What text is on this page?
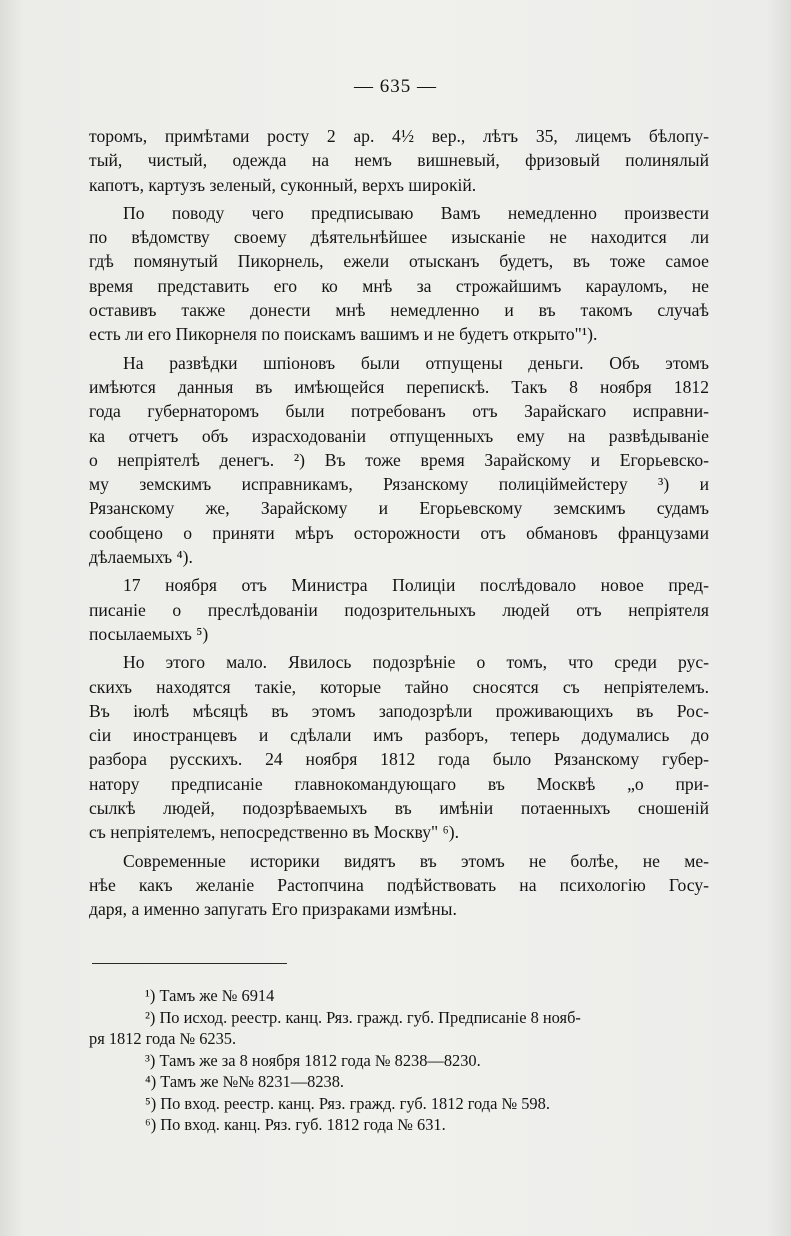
— 635 —

торомъ, примѣтами росту 2 ар. 4½ вер., лѣтъ 35, лицемъ бѣлопу-
тый, чистый, одежда на немъ вишневый, фризовый полинялый
капотъ, картузъ зеленый, суконный, верхъ широкій.

По поводу чего предписываю Вамъ немедленно произвести
по вѣдомству своему дѣятельнѣйшее изысканіе не находится ли
гдѣ помянутый Пикорнель, ежели отысканъ будетъ, въ тоже самое
время представить его ко мнѣ за строжайшимъ карауломъ, не
оставивъ также донести мнѣ немедленно и въ такомъ случаѣ
есть ли его Пикорнеля по поискамъ вашимъ и не будетъ открыто"¹).

На развѣдки шпіоновъ были отпущены деньги. Объ этомъ
имѣются данныя въ имѣющейся перепискѣ. Такъ 8 ноября 1812
года губернаторомъ были потребованъ отъ Зарайскаго исправни-
ка отчетъ объ израсходованіи отпущенныхъ ему на развѣдываніе
о непріятелѣ денегъ. ²) Въ тоже время Зарайскому и Егорьевско-
му земскимъ исправникамъ, Рязанскому полиціймейстеру ³) и
Рязанскому же, Зарайскому и Егорьевскому земскимъ судамъ
сообщено о приняти мѣръ осторожности отъ обмановъ французами
дѣлаемыхъ ⁴).

17 ноября отъ Министра Полиціи послѣдовало новое пред-
писаніе о преслѣдованіи подозрительныхъ людей отъ непріятеля
посылаемыхъ ⁵)

Но этого мало. Явилось подозрѣніе о томъ, что среди рус-
скихъ находятся такіе, которые тайно сносятся съ непріятелемъ.
Въ іюлѣ мѣсяцѣ въ этомъ заподозрѣли проживающихъ въ Рос-
сіи иностранцевъ и сдѣлали имъ разборъ, теперь додумались до
разбора русскихъ. 24 ноября 1812 года было Рязанскому губер-
натору предписаніе главнокомандующаго въ Москвѣ „о при-
сылкѣ людей, подозрѣваемыхъ въ имѣніи потаенныхъ сношеній
съ непріятелемъ, непосредственно въ Москву" ⁶).

Современные историки видятъ въ этомъ не болѣе, не ме-
нѣе какъ желаніе Растопчина подѣйствовать на психологію Госу-
даря, а именно запугать Его призраками измѣны.

¹) Тамъ же № 6914
²) По исход. реестр. канц. Ряз. гражд. губ. Предписаніе 8 нояб-
ря 1812 года № 6235.
³) Тамъ же за 8 ноября 1812 года № 8238—8230.
⁴) Тамъ же №№ 8231—8238.
⁵) По вход. реестр. канц. Ряз. гражд. губ. 1812 года № 598.
⁶) По вход. канц. Ряз. губ. 1812 года № 631.
